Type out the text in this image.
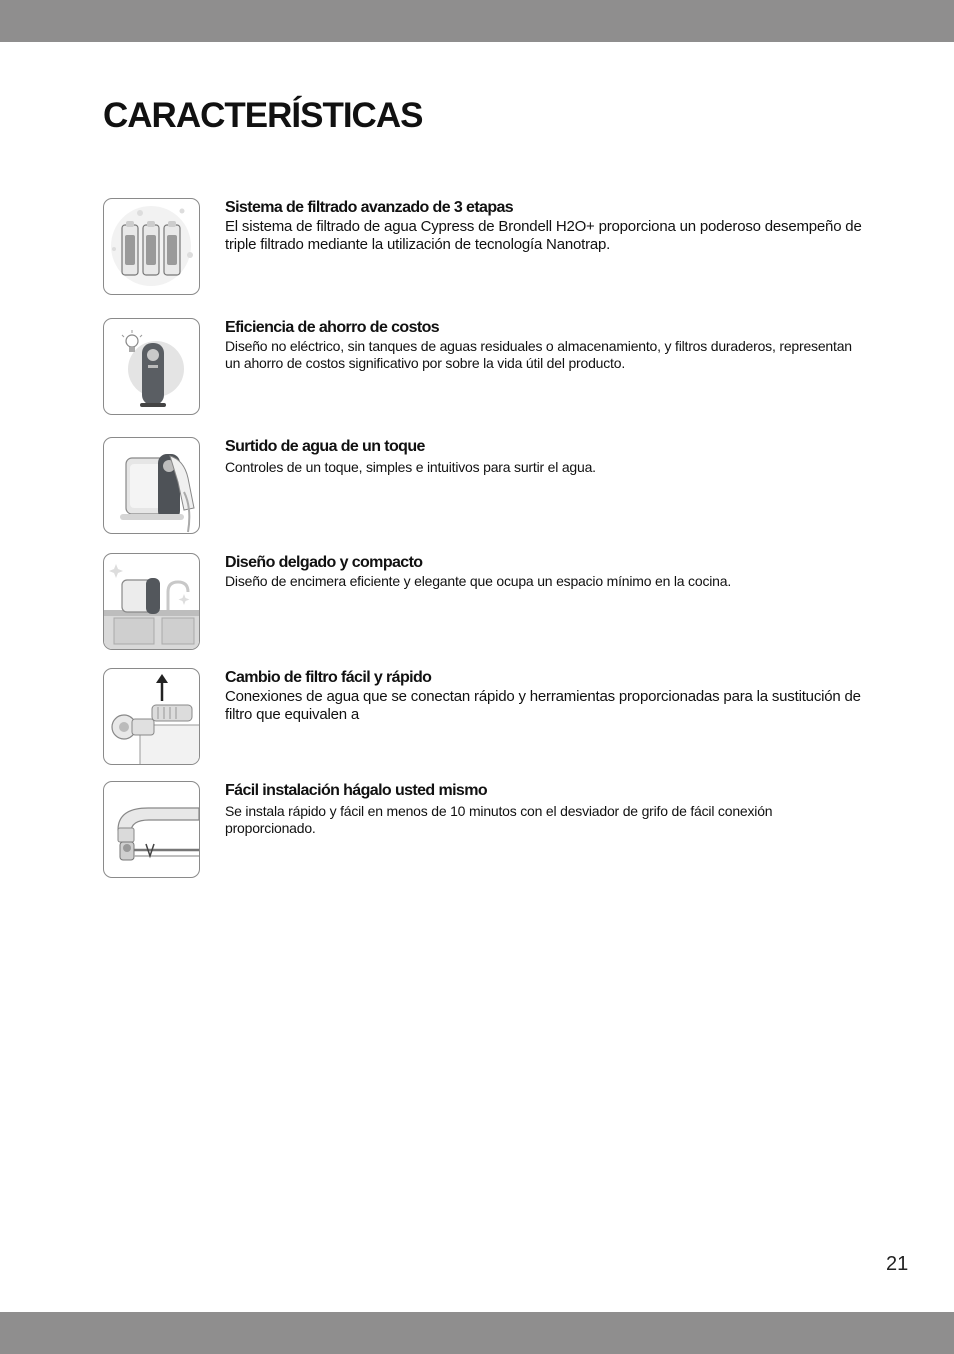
CARACTERÍSTICAS

Sistema de filtrado avanzado de 3 etapas

El sistema de filtrado de agua Cypress de Brondell H2O+ proporciona un poderoso desempeño de triple filtrado mediante la utilización de tecnología Nanotrap.

Eficiencia de ahorro de costos

Diseño no eléctrico, sin tanques de aguas residuales o almacenamiento, y filtros duraderos, representan un ahorro de costos significativo por sobre la vida útil del producto.

Surtido de agua de un toque

Controles de un toque, simples e intuitivos para surtir el agua.

Diseño delgado y compacto

Diseño de encimera eficiente y elegante que ocupa un espacio mínimo en la cocina.

Cambio de filtro fácil y rápido

Conexiones de agua que se conectan rápido y herramientas proporcionadas para la sustitución de filtro que equivalen a

Fácil instalación hágalo usted mismo

Se instala rápido y fácil en menos de 10 minutos con el desviador de grifo de fácil conexión proporcionado.

21
